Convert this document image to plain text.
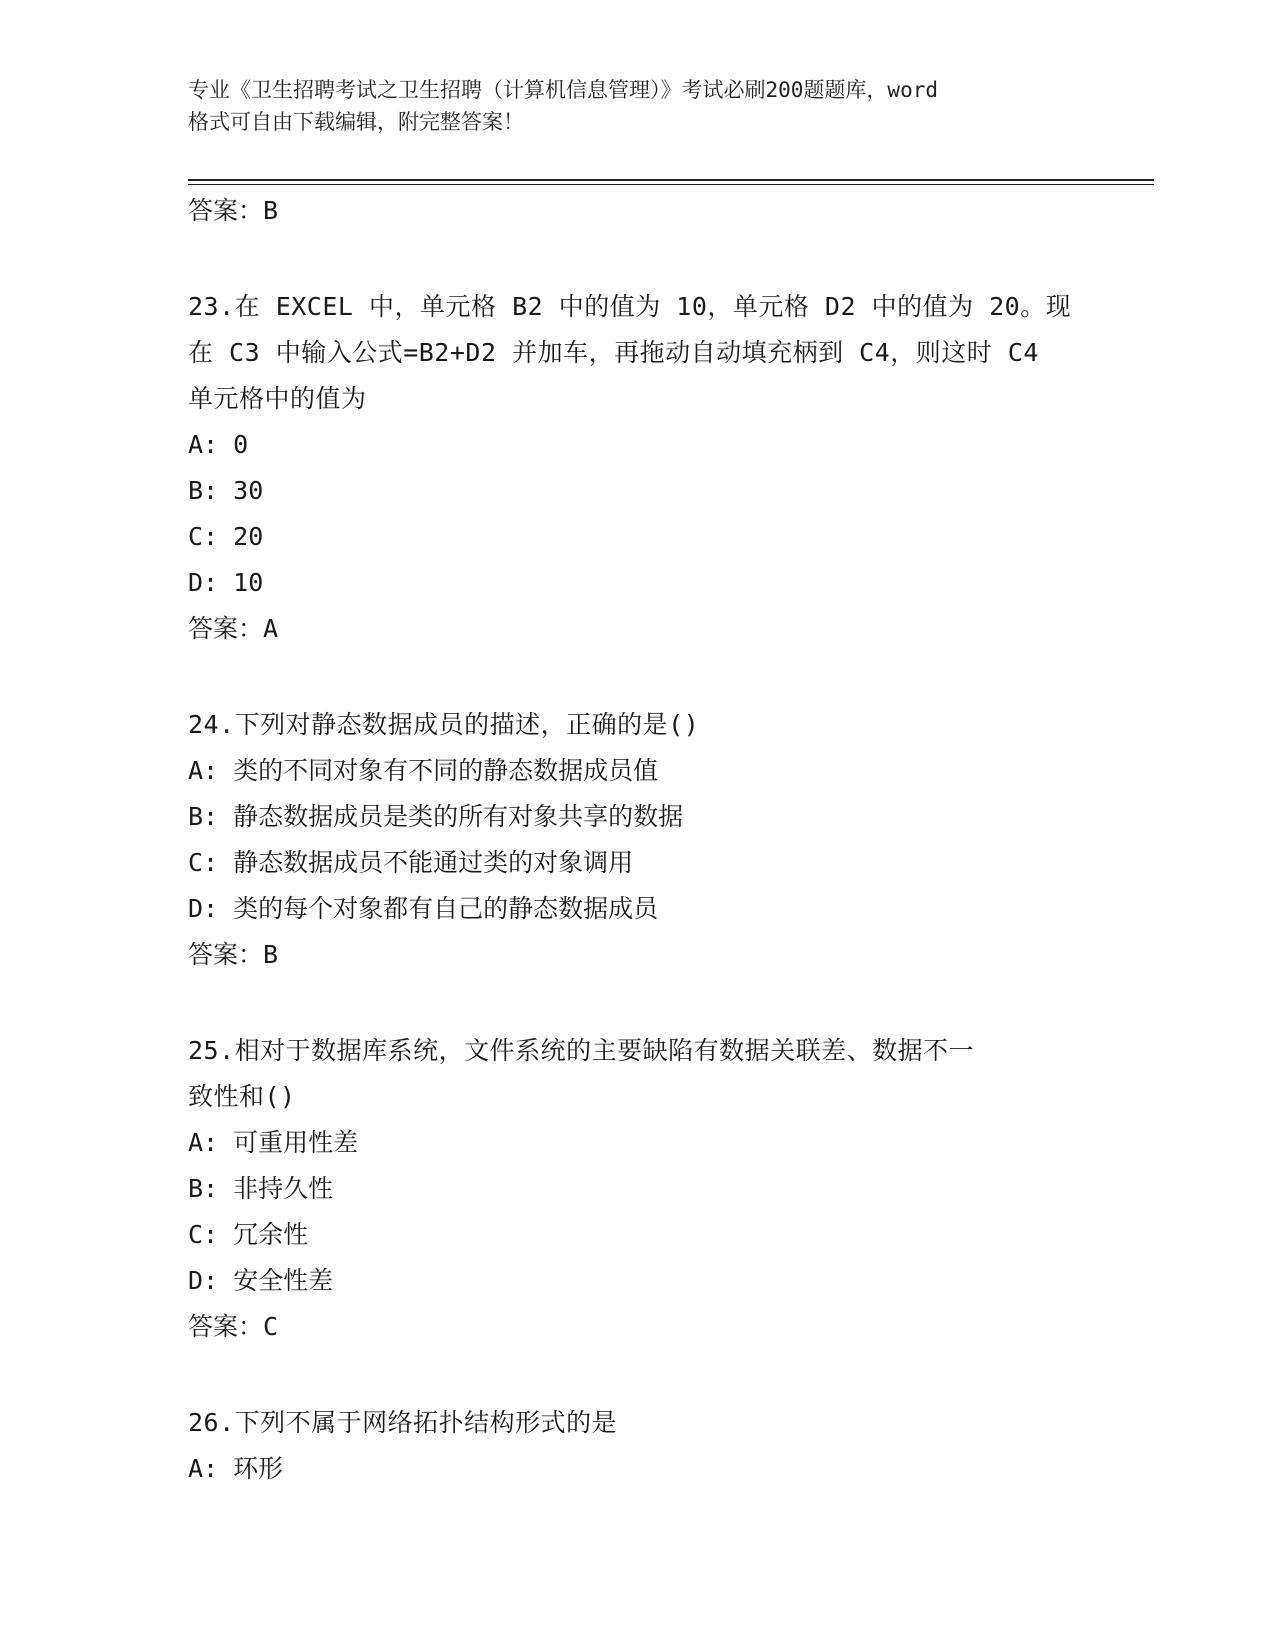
专业《卫生招聘考试之卫生招聘（计算机信息管理）》考试必刷200题题库，word
格式可自由下载编辑，附完整答案！
答案：B
23.在 EXCEL 中，单元格 B2 中的值为 10，单元格 D2 中的值为 20。现
在 C3 中输入公式=B2+D2 并加车，再拖动自动填充柄到 C4，则这时 C4
单元格中的值为
A: 0
B: 30
C: 20
D: 10
答案：A
24.下列对静态数据成员的描述，正确的是()
A: 类的不同对象有不同的静态数据成员值
B: 静态数据成员是类的所有对象共享的数据
C: 静态数据成员不能通过类的对象调用
D: 类的每个对象都有自己的静态数据成员
答案：B
25.相对于数据库系统，文件系统的主要缺陷有数据关联差、数据不一
致性和()
A: 可重用性差
B: 非持久性
C: 冗余性
D: 安全性差
答案：C
26.下列不属于网络拓扑结构形式的是
A: 环形
